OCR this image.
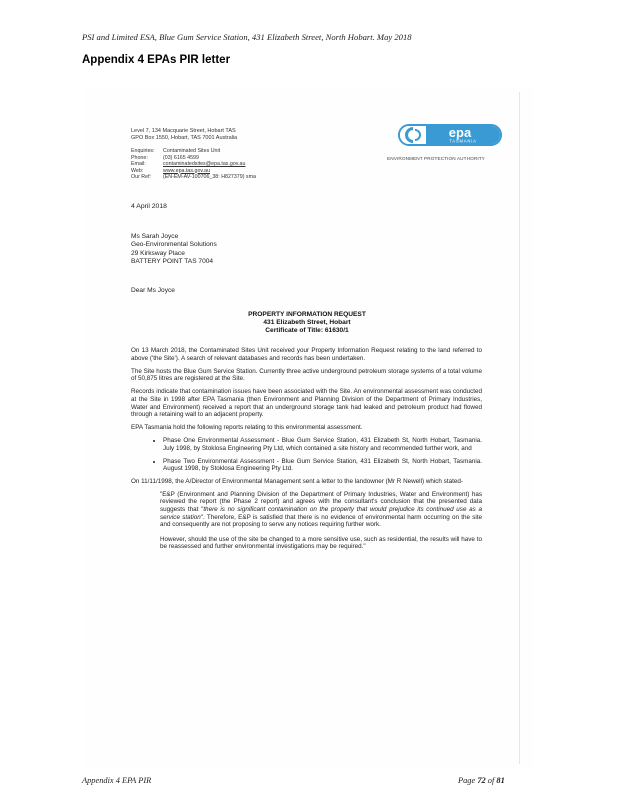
PSI and Limited ESA, Blue Gum Service Station, 431 Elizabeth Street, North Hobart. May 2018
Appendix 4 EPAs PIR letter
Level 7, 134 Macquarie Street, Hobart TAS
GPO Box 1550, Hobart, TAS 7001 Australia
Enquiries:	Contaminated Sites Unit
Phone:	(03) 6165 4599
Email:	contaminatedsites@epa.tas.gov.au
Web:	www.epa.tas.gov.au
Our Ref:	(EN-EM-AV-100706_38: H827379) sma
epa
TASMANIA
ENVIRONMENT PROTECTION AUTHORITY
4 April 2018
Ms Sarah Joyce
Geo-Environmental Solutions
29 Kirksway Place
BATTERY POINT TAS 7004
Dear Ms Joyce
PROPERTY INFORMATION REQUEST
431 Elizabeth Street, Hobart
Certificate of Title: 61630/1

On 13 March 2018, the Contaminated Sites Unit received your Property Information Request relating to the land referred to above ('the Site'). A search of relevant databases and records has been undertaken.

The Site hosts the Blue Gum Service Station. Currently three active underground petroleum storage systems of a total volume of 50,875 litres are registered at the Site.

Records indicate that contamination issues have been associated with the Site. An environmental assessment was conducted at the Site in 1998 after EPA Tasmania (then Environment and Planning Division of the Department of Primary Industries, Water and Environment) received a report that an underground storage tank had leaked and petroleum product had flowed through a retaining wall to an adjacent property.

EPA Tasmania hold the following reports relating to this environmental assessment.

• Phase One Environmental Assessment - Blue Gum Service Station, 431 Elizabeth St, North Hobart, Tasmania. July 1998, by Stoklosa Engineering Pty Ltd, which contained a site history and recommended further work, and
• Phase Two Environmental Assessment - Blue Gum Service Station, 431 Elizabeth St, North Hobart, Tasmania. August 1998, by Stoklosa Engineering Pty Ltd.

On 11/11/1998, the A/Director of Environmental Management sent a letter to the landowner (Mr R Newell) which stated-

"E&P (Environment and Planning Division of the Department of Primary Industries, Water and Environment) has reviewed the report (the Phase 2 report) and agrees with the consultant's conclusion that the presented data suggests that "there is no significant contamination on the property that would prejudice its continued use as a service station". Therefore, E&P is satisfied that there is no evidence of environmental harm occurring on the site and consequently are not proposing to serve any notices requiring further work.

However, should the use of the site be changed to a more sensitive use, such as residential, the results will have to be reassessed and further environmental investigations may be required."

Appendix 4 EPA PIR	Page 72 of 81
